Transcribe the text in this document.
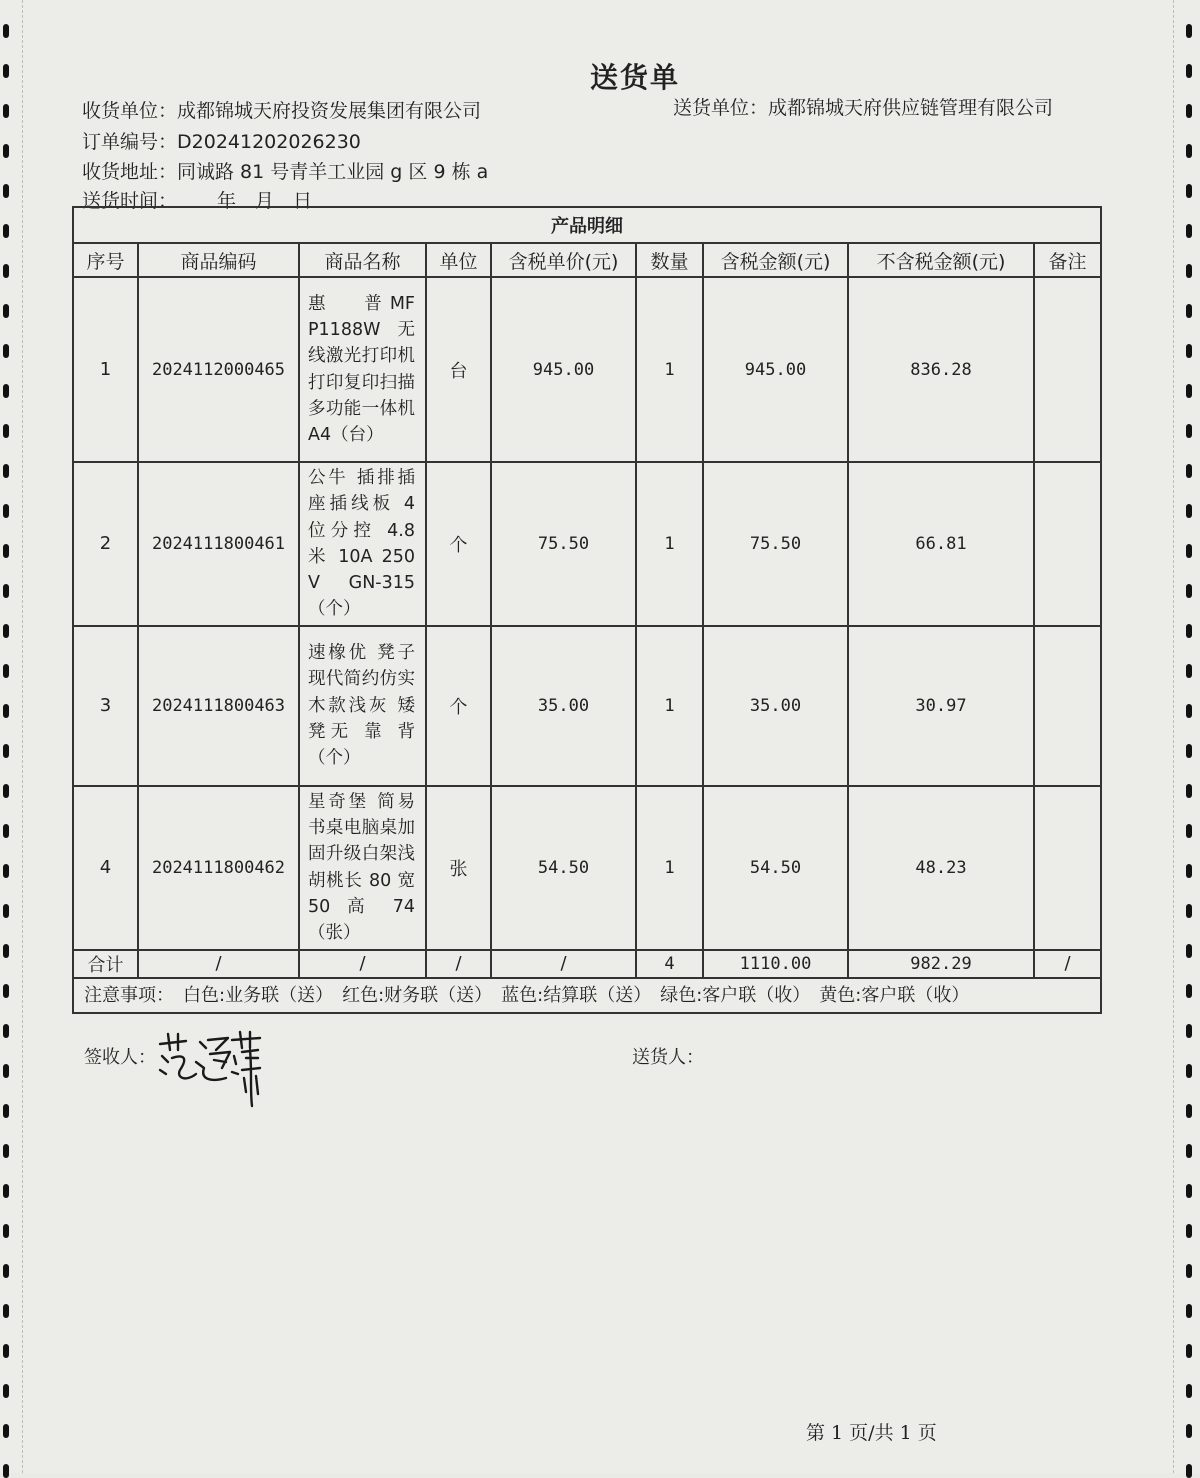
送货单
收货单位：成都锦城天府投资发展集团有限公司	送货单位：成都锦城天府供应链管理有限公司
订单编号：D20241202026230
收货地址：同诚路 81 号青羊工业园 g 区 9 栋 a
送货时间： 年　月　日
产品明细								
序号	商品编码	商品名称	单位	含税单价(元)	数量	含税金额(元)	不含税金额(元)	备注
1	2024112000465	惠　　普 MFP1188W 无线激光打印机 打印复印扫描多功能一体机 A4（台）	台	945.00	1	945.00	836.28	
2	2024111800461	公牛 插排插座插线板 4 位分控 4.8 米 10A 250V GN-315（个）	个	75.50	1	75.50	66.81	
3	2024111800463	速橡优 凳子现代简约仿实木款浅灰 矮凳无 靠 背（个）	个	35.00	1	35.00	30.97	
4	2024111800462	星奇堡 简易书桌电脑桌加固升级白架浅胡桃长 80 宽 50 高 74（张）	张	54.50	1	54.50	48.23	
合计	/	/	/	/	4	1110.00	982.29	/
注意事项：　白色:业务联（送）　红色:财务联（送）　蓝色:结算联（送）　绿色:客户联（收）　黄色:客户联（收）								
签收人：	送货人：
第 1 页/共 1 页
